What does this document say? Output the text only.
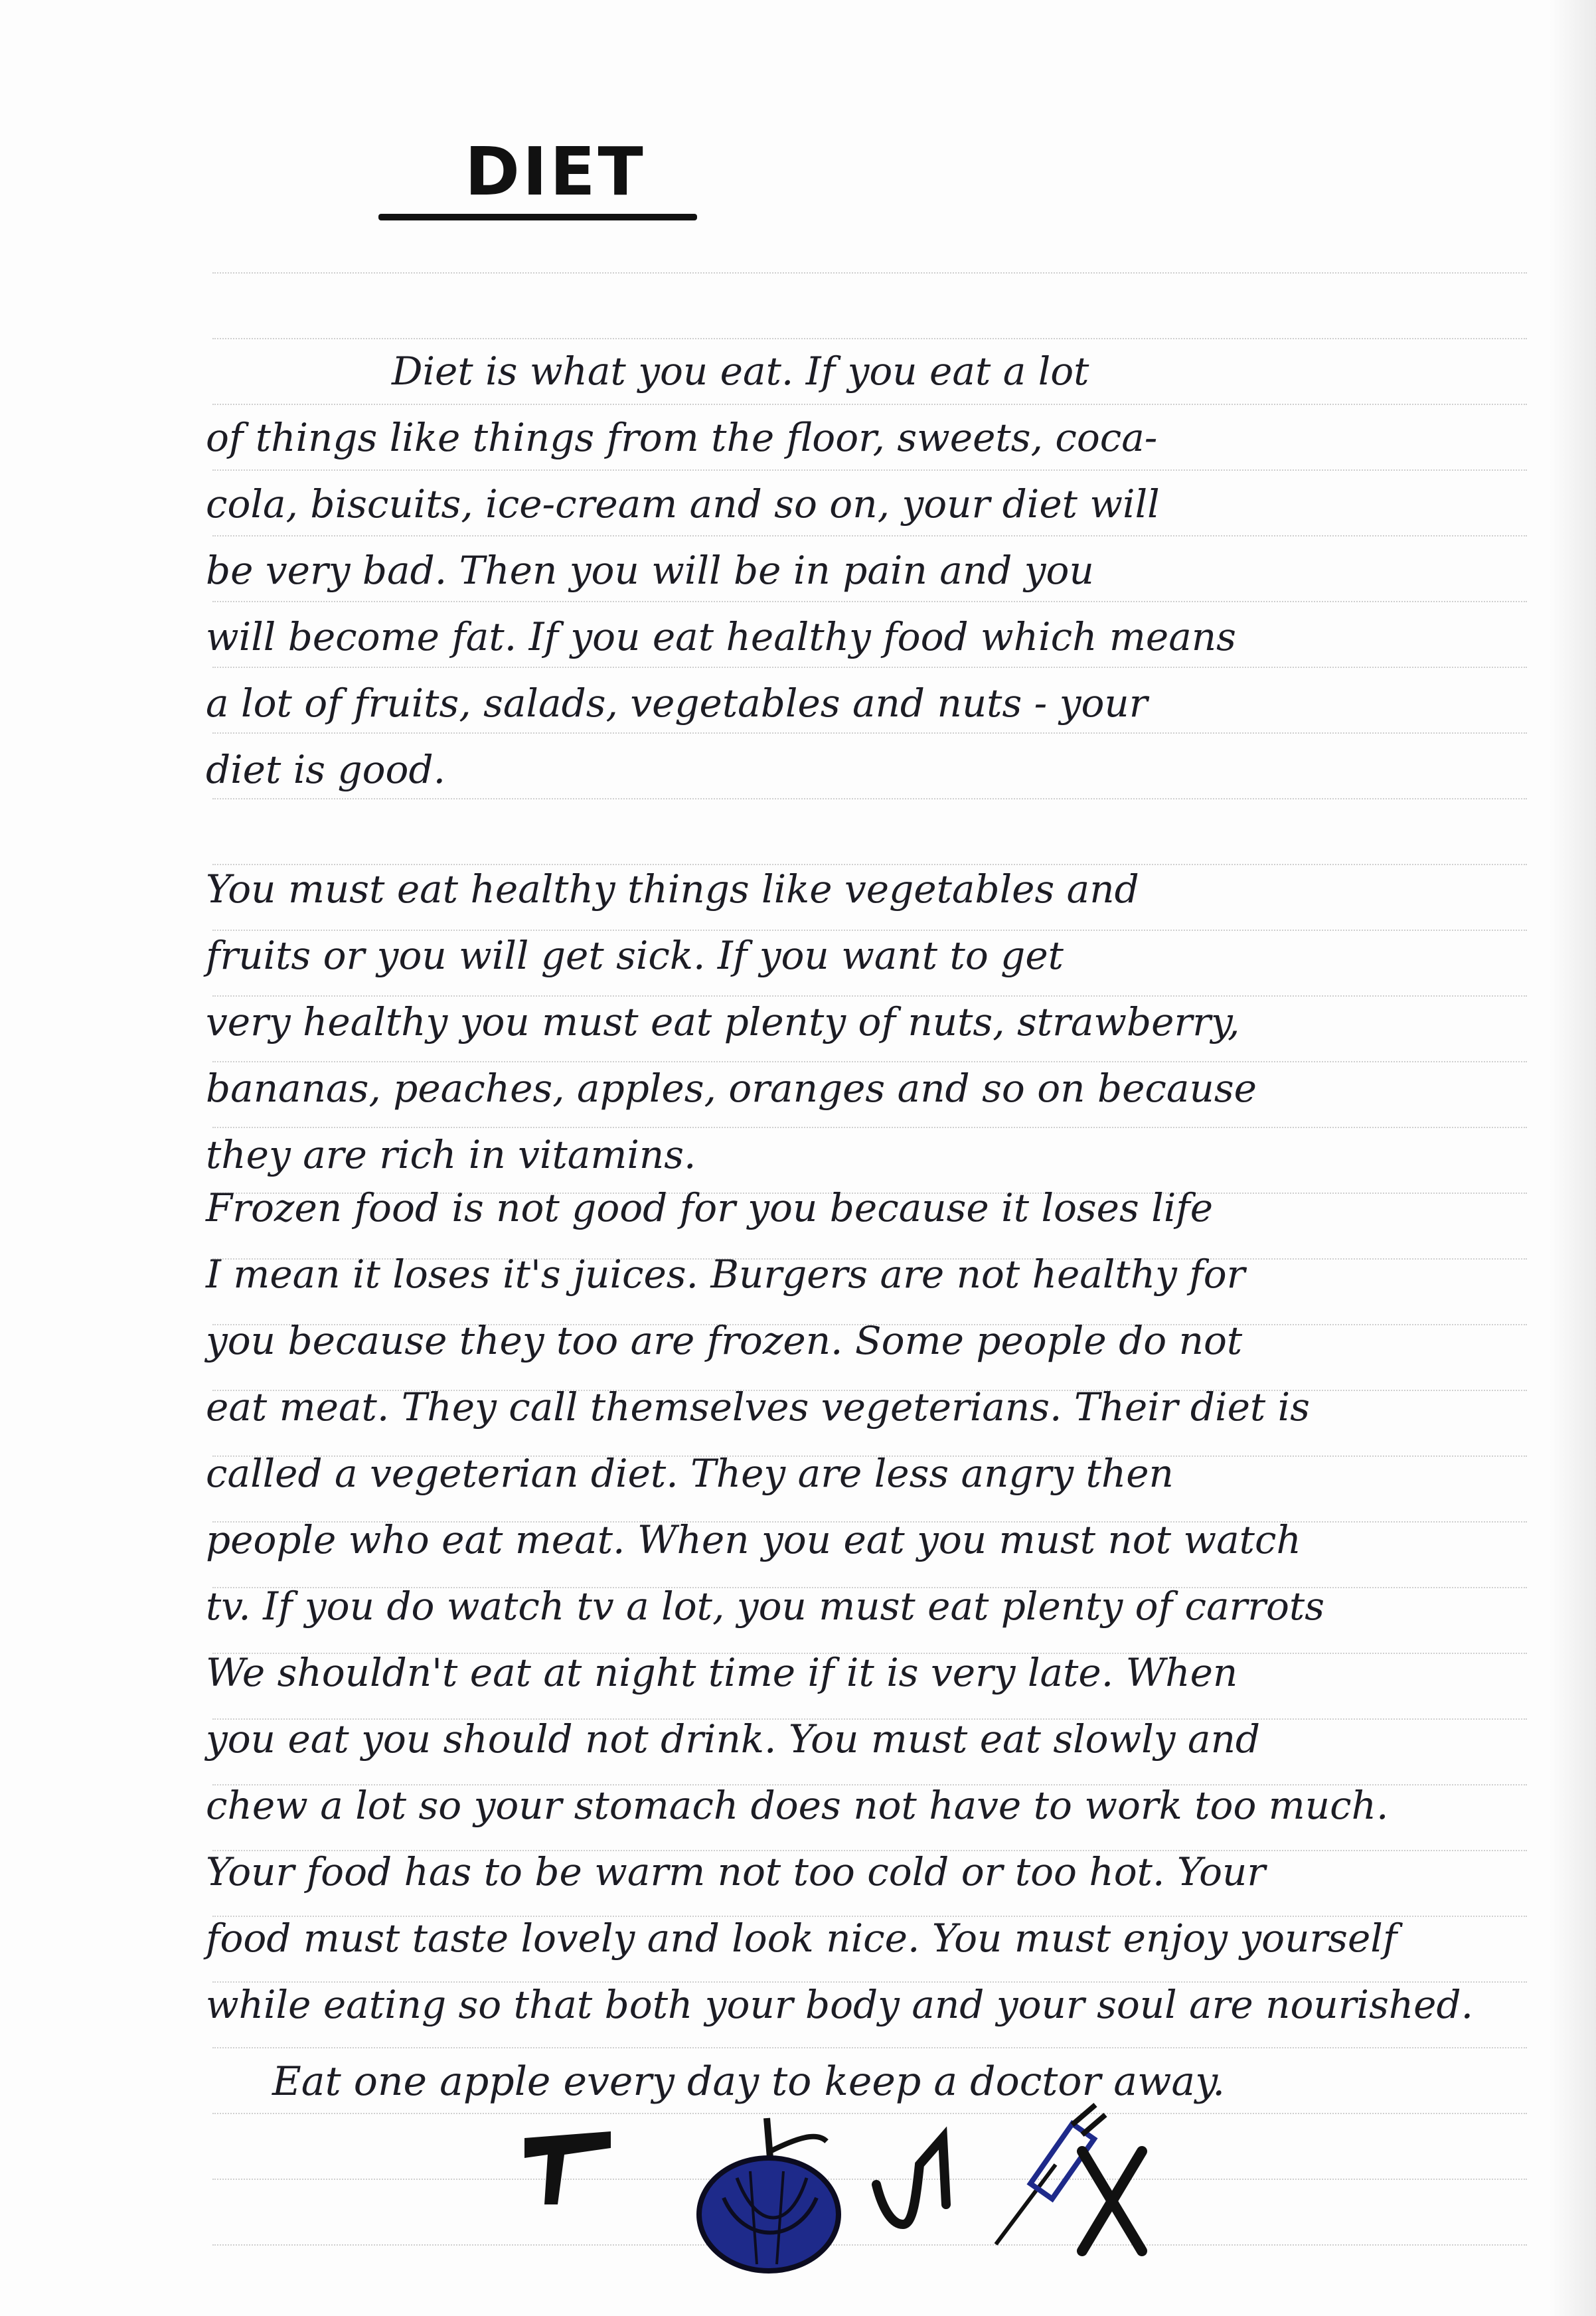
DIET
Diet is what you eat. If you eat a lot
of things like things from the floor, sweets, coca-
cola, biscuits, ice-cream and so on, your diet will
be very bad. Then you will be in pain and you
will become fat. If you eat healthy food which means
a lot of fruits, salads, vegetables and nuts - your
diet is good.
You must eat healthy things like vegetables and
fruits or you will get sick. If you want to get
very healthy you must eat plenty of nuts, strawberry,
bananas, peaches, apples, oranges and so on because
they are rich in vitamins.
Frozen food is not good for you because it loses life
I mean it loses it's juices. Burgers are not healthy for
you because they too are frozen. Some people do not
eat meat. They call themselves vegeterians. Their diet is
called a vegeterian diet. They are less angry then
people who eat meat. When you eat you must not watch
tv. If you do watch tv a lot, you must eat plenty of carrots
We shouldn't eat at night time if it is very late. When
you eat you should not drink. You must eat slowly and
chew a lot so your stomach does not have to work too much.
Your food has to be warm not too cold or too hot. Your
food must taste lovely and look nice. You must enjoy yourself
while eating so that both your body and your soul are nourished.
Eat one apple every day to keep a doctor away.
